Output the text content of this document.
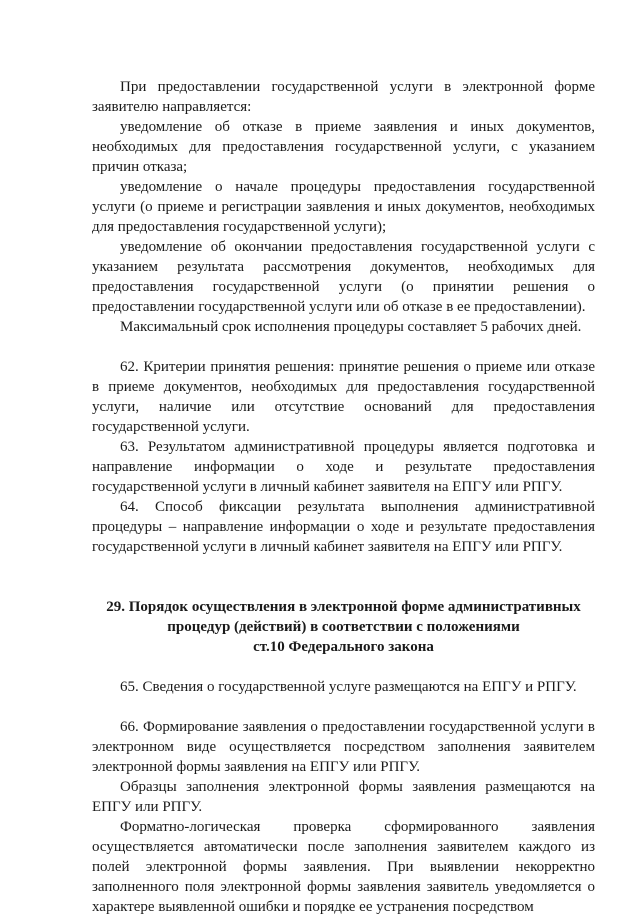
При предоставлении государственной услуги в электронной форме заявителю направляется:

уведомление об отказе в приеме заявления и иных документов, необходимых для предоставления государственной услуги, с указанием причин отказа;

уведомление о начале процедуры предоставления государственной услуги (о приеме и регистрации заявления и иных документов, необходимых для предоставления государственной услуги);

уведомление об окончании предоставления государственной услуги с указанием результата рассмотрения документов, необходимых для предоставления государственной услуги (о принятии решения о предоставлении государственной услуги или об отказе в ее предоставлении).

Максимальный срок исполнения процедуры составляет 5 рабочих дней.

62. Критерии принятия решения: принятие решения о приеме или отказе в приеме документов, необходимых для предоставления государственной услуги, наличие или отсутствие оснований для предоставления государственной услуги.

63. Результатом административной процедуры является подготовка и направление информации о ходе и результате предоставления государственной услуги в личный кабинет заявителя на ЕПГУ или РПГУ.

64. Способ фиксации результата выполнения административной процедуры – направление информации о ходе и результате предоставления государственной услуги в личный кабинет заявителя на ЕПГУ или РПГУ.

29. Порядок осуществления в электронной форме административных

процедур (действий) в соответствии с положениями

ст.10 Федерального закона

65. Сведения о государственной услуге размещаются на ЕПГУ и РПГУ.

66. Формирование заявления о предоставлении государственной услуги в электронном виде осуществляется посредством заполнения заявителем электронной формы заявления на ЕПГУ или РПГУ.

Образцы заполнения электронной формы заявления размещаются на ЕПГУ или РПГУ.

Форматно-логическая проверка сформированного заявления осуществляется автоматически после заполнения заявителем каждого из полей электронной формы заявления. При выявлении некорректно заполненного поля электронной формы заявления заявитель уведомляется о характере выявленной ошибки и порядке ее устранения посредством
